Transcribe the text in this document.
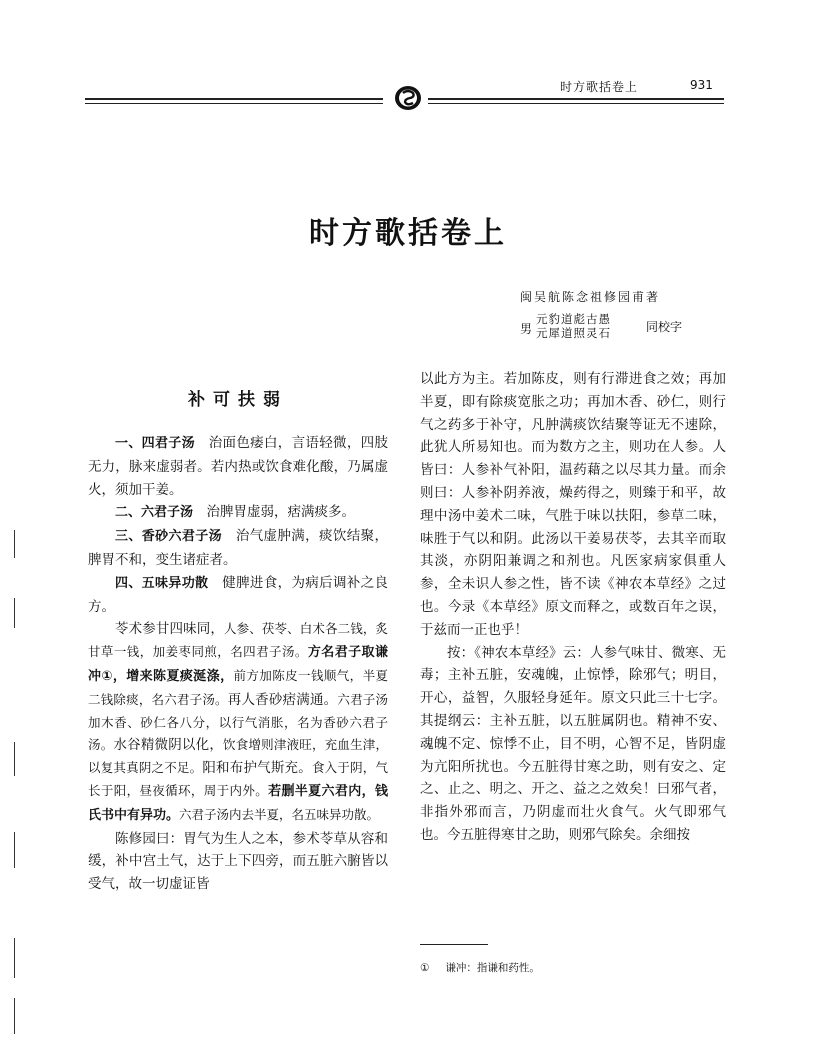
时方歌括卷上	931
时方歌括卷上
闽吴航陈念祖修园甫著
男
元豹道彪古愚
元犀道照灵石	同校字
补可扶弱

一、四君子汤　治面色痿白，言语轻微，四肢无力，脉来虚弱者。若内热或饮食难化酸，乃属虚火，须加干姜。

二、六君子汤　治脾胃虚弱，痞满痰多。

三、香砂六君子汤　治气虚肿满，痰饮结聚，脾胃不和，变生诸症者。

四、五味异功散　健脾进食，为病后调补之良方。

苓术参甘四味同，人参、茯苓、白术各二钱，炙甘草一钱，加姜枣同煎，名四君子汤。方名君子取谦冲①，增来陈夏痰涎涤，前方加陈皮一钱顺气，半夏二钱除痰，名六君子汤。再人香砂痞满通。六君子汤加木香、砂仁各八分，以行气消胀，名为香砂六君子汤。水谷精微阴以化，饮食增则津液旺，充血生津，以复其真阴之不足。阳和布护气斯充。食入于阴，气长于阳，昼夜循环，周于内外。若删半夏六君内，钱氏书中有异功。六君子汤内去半夏，名五味异功散。

陈修园曰：胃气为生人之本，参术苓草从容和缓，补中宫土气，达于上下四旁，而五脏六腑皆以受气，故一切虚证皆

以此方为主。若加陈皮，则有行滞进食之效；再加半夏，即有除痰宽胀之功；再加木香、砂仁，则行气之药多于补守，凡肿满痰饮结聚等证无不速除，此犹人所易知也。而为数方之主，则功在人参。人皆曰：人参补气补阳，温药藉之以尽其力量。而余则曰：人参补阴养液，燥药得之，则臻于和平，故理中汤中姜术二味，气胜于味以扶阳，参草二味，味胜于气以和阴。此汤以干姜易茯苓，去其辛而取其淡，亦阴阳兼调之和剂也。凡医家病家俱重人参，全未识人参之性，皆不读《神农本草经》之过也。今录《本草经》原文而释之，或数百年之误，于兹而一正也乎！

按：《神农本草经》云：人参气味甘、微寒、无毒；主补五脏，安魂魄，止惊悸，除邪气；明目，开心，益智，久服轻身延年。原文只此三十七字。其提纲云：主补五脏，以五脏属阴也。精神不安、魂魄不定、惊悸不止，目不明，心智不足，皆阴虚为亢阳所扰也。今五脏得甘寒之助，则有安之、定之、止之、明之、开之、益之之效矣！曰邪气者，非指外邪而言，乃阴虚而壮火食气。火气即邪气也。今五脏得寒甘之助，则邪气除矣。余细按

① 谦冲：指谦和药性。
